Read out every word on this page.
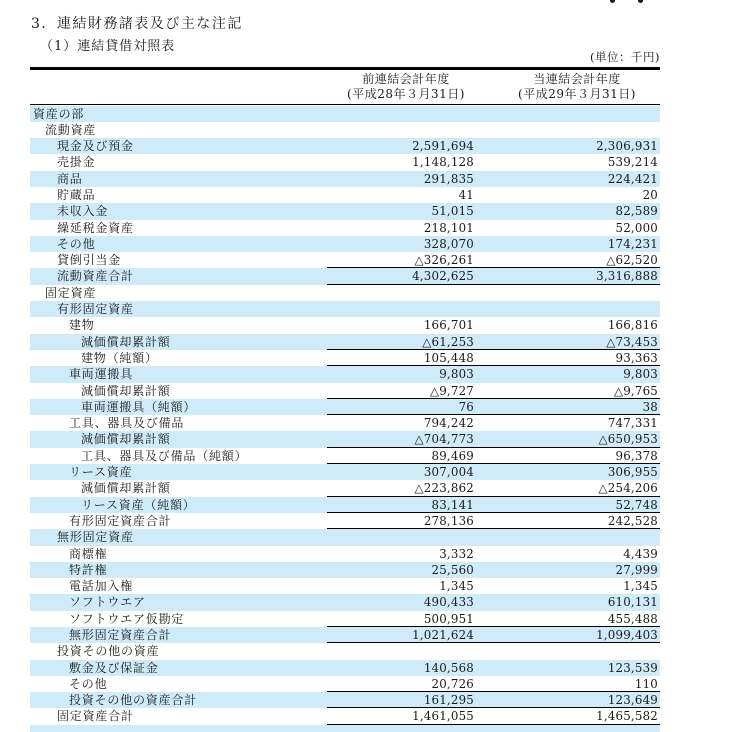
3．連結財務諸表及び主な注記
（1）連結貸借対照表
(単位：千円)
前連結会計年度
(平成28年３月31日)
当連結会計年度
(平成29年３月31日)
資産の部
流動資産
現金及び預金	2,591,694	2,306,931
売掛金	1,148,128	539,214
商品	291,835	224,421
貯蔵品	41	20
未収入金	51,015	82,589
繰延税金資産	218,101	52,000
その他	328,070	174,231
貸倒引当金	△326,261	△62,520
流動資産合計	4,302,625	3,316,888
固定資産
有形固定資産
建物	166,701	166,816
減価償却累計額	△61,253	△73,453
建物（純額）	105,448	93,363
車両運搬具	9,803	9,803
減価償却累計額	△9,727	△9,765
車両運搬具（純額）	76	38
工具、器具及び備品	794,242	747,331
減価償却累計額	△704,773	△650,953
工具、器具及び備品（純額）	89,469	96,378
リース資産	307,004	306,955
減価償却累計額	△223,862	△254,206
リース資産（純額）	83,141	52,748
有形固定資産合計	278,136	242,528
無形固定資産
商標権	3,332	4,439
特許権	25,560	27,999
電話加入権	1,345	1,345
ソフトウエア	490,433	610,131
ソフトウエア仮勘定	500,951	455,488
無形固定資産合計	1,021,624	1,099,403
投資その他の資産
敷金及び保証金	140,568	123,539
その他	20,726	110
投資その他の資産合計	161,295	123,649
固定資産合計	1,461,055	1,465,582
